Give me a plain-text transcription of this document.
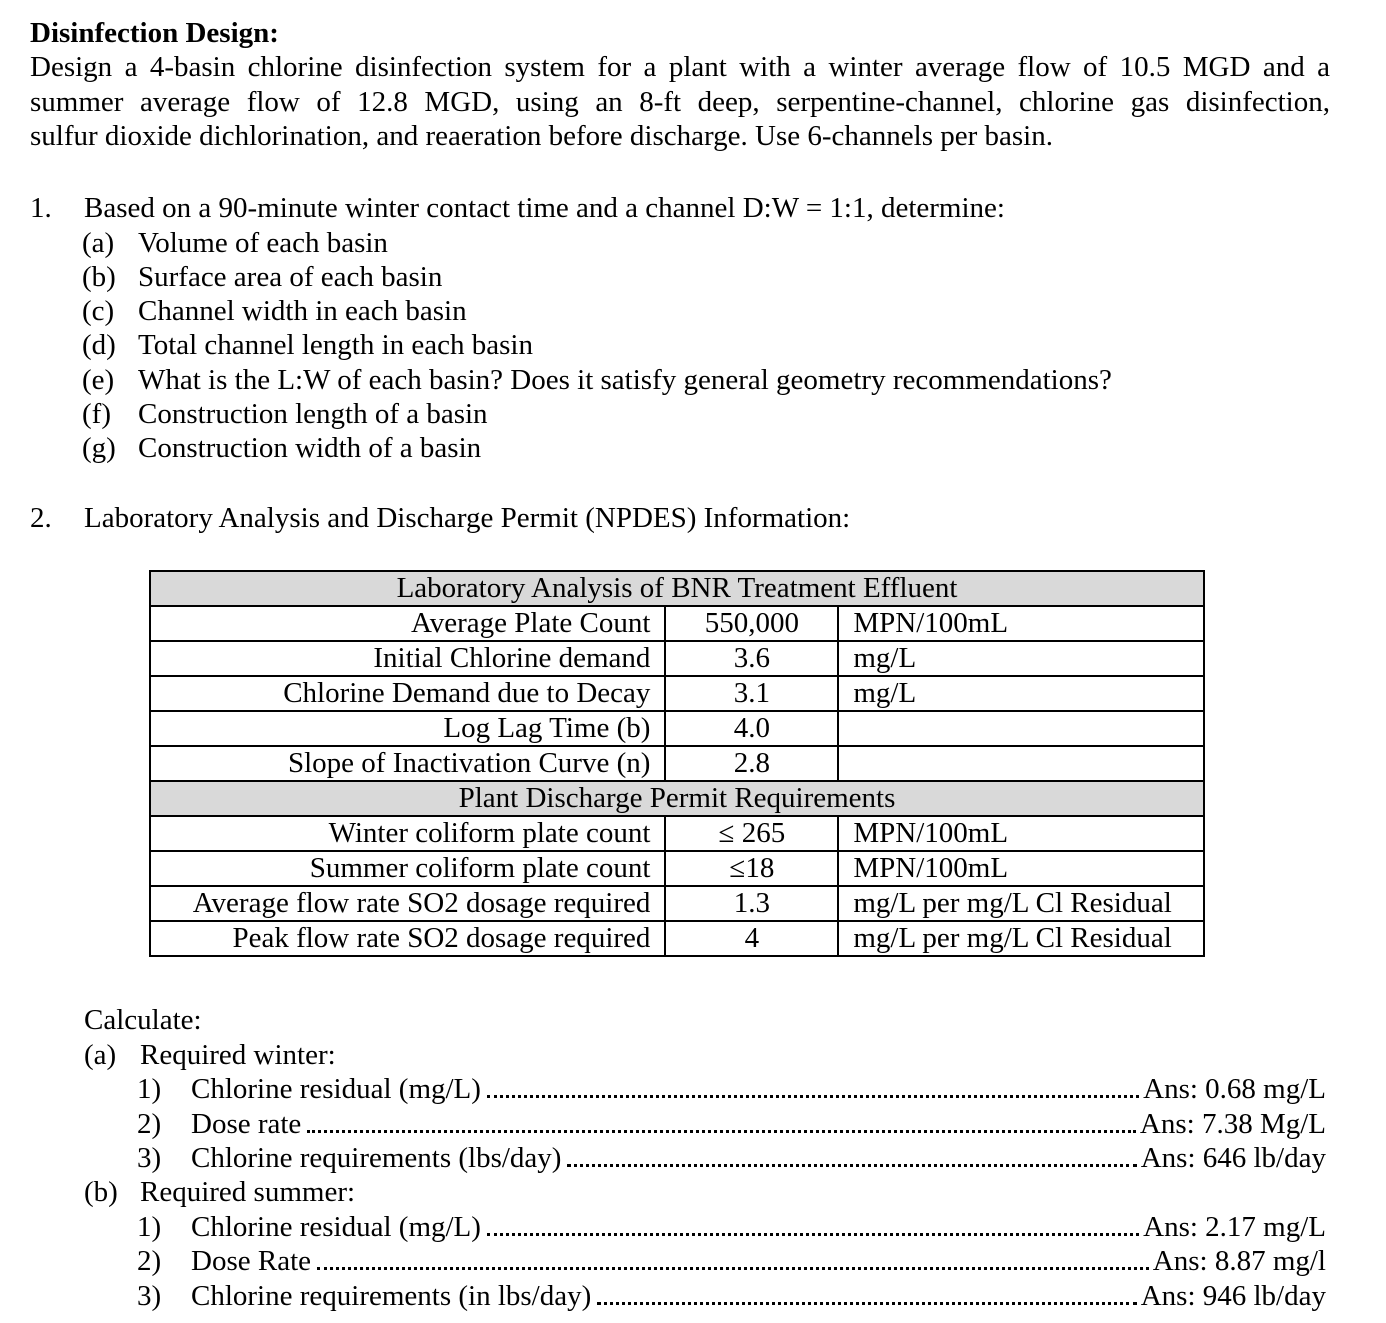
Disinfection Design:
Design a 4-basin chlorine disinfection system for a plant with a winter average flow of 10.5 MGD and a
summer average flow of 12.8 MGD, using an 8-ft deep, serpentine-channel, chlorine gas disinfection,
sulfur dioxide dichlorination, and reaeration before discharge. Use 6-channels per basin.
1. Based on a 90-minute winter contact time and a channel D:W = 1:1, determine:
(a) Volume of each basin
(b) Surface area of each basin
(c) Channel width in each basin
(d) Total channel length in each basin
(e) What is the L:W of each basin? Does it satisfy general geometry recommendations?
(f) Construction length of a basin
(g) Construction width of a basin
2. Laboratory Analysis and Discharge Permit (NPDES) Information:
Laboratory Analysis of BNR Treatment Effluent		
Average Plate Count	550,000	MPN/100mL
Initial Chlorine demand	3.6	mg/L
Chlorine Demand due to Decay	3.1	mg/L
Log Lag Time (b)	4.0	
Slope of Inactivation Curve (n)	2.8	
Plant Discharge Permit Requirements		
Winter coliform plate count	≤ 265	MPN/100mL
Summer coliform plate count	≤18	MPN/100mL
Average flow rate SO2 dosage required	1.3	mg/L per mg/L Cl Residual
Peak flow rate SO2 dosage required	4	mg/L per mg/L Cl Residual
Calculate:
(a) Required winter:
1)	Chlorine residual (mg/L)	Ans: 0.68 mg/L
2)	Dose rate	Ans: 7.38 Mg/L
3)	Chlorine requirements (lbs/day)	Ans: 646 lb/day
(b) Required summer:
1)	Chlorine residual (mg/L)	Ans: 2.17 mg/L
2)	Dose Rate	Ans: 8.87 mg/l
3)	Chlorine requirements (in lbs/day)	Ans: 946 lb/day
